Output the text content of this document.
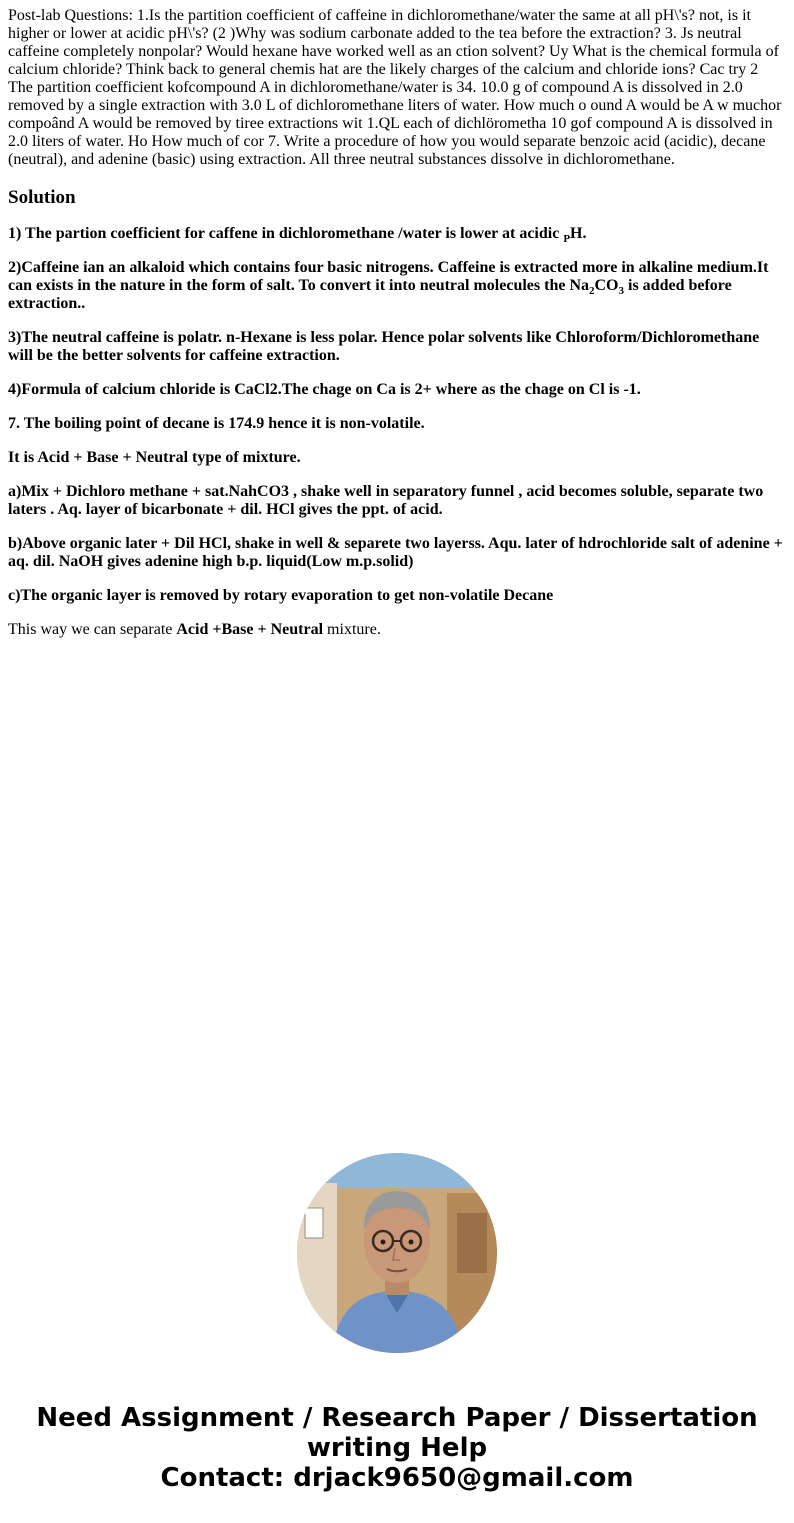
Post-lab Questions: 1.Is the partition coefficient of caffeine in dichloromethane/water the same at all pH\'s? not, is it higher or lower at acidic pH\'s? (2 )Why was sodium carbonate added to the tea before the extraction? 3. Js neutral caffeine completely nonpolar? Would hexane have worked well as an ction solvent? Uy What is the chemical formula of calcium chloride? Think back to general chemis hat are the likely charges of the calcium and chloride ions? Cac try 2 The partition coefficient kofcompound A in dichloromethane/water is 34. 10.0 g of compound A is dissolved in 2.0 removed by a single extraction with 3.0 L of dichloromethane liters of water. How much o ound A would be A w muchor compoând A would be removed by tiree extractions wit 1.QL each of dichlörometha 10 gof compound A is dissolved in 2.0 liters of water. Ho How much of cor 7. Write a procedure of how you would separate benzoic acid (acidic), decane (neutral), and adenine (basic) using extraction. All three neutral substances dissolve in dichloromethane.

Solution

1) The partion coefficient for caffene in dichloromethane /water is lower at acidic $_P$H.

2)Caffeine ian an alkaloid which contains four basic nitrogens. Caffeine is extracted more in alkaline medium.It can exists in the nature in the form of salt. To convert it into neutral molecules the $Na_2CO_3$ is added before extraction..

3)The neutral caffeine is polatr. n-Hexane is less polar. Hence polar solvents like Chloroform/Dichloromethane will be the better solvents for caffeine extraction.

4)Formula of calcium chloride is CaCl2.The chage on Ca is 2+ where as the chage on Cl is -1.

7. The boiling point of decane is 174.9 hence it is non-volatile.

It is Acid + Base + Neutral type of mixture.

a)Mix + Dichloro methane + sat.NahCO3 , shake well in separatory funnel , acid becomes soluble, separate two laters . Aq. layer of bicarbonate + dil. HCl gives the ppt. of acid.

b)Above organic later + Dil HCl, shake in well & separete two layerss. Aqu. later of hdrochloride salt of adenine + aq. dil. NaOH gives adenine high b.p. liquid(Low m.p.solid)

c)The organic layer is removed by rotary evaporation to get non-volatile Decane

This way we can separate Acid +Base + Neutral mixture.

Need Assignment / Research Paper / Dissertation
writing Help
Contact: drjack9650@gmail.com
